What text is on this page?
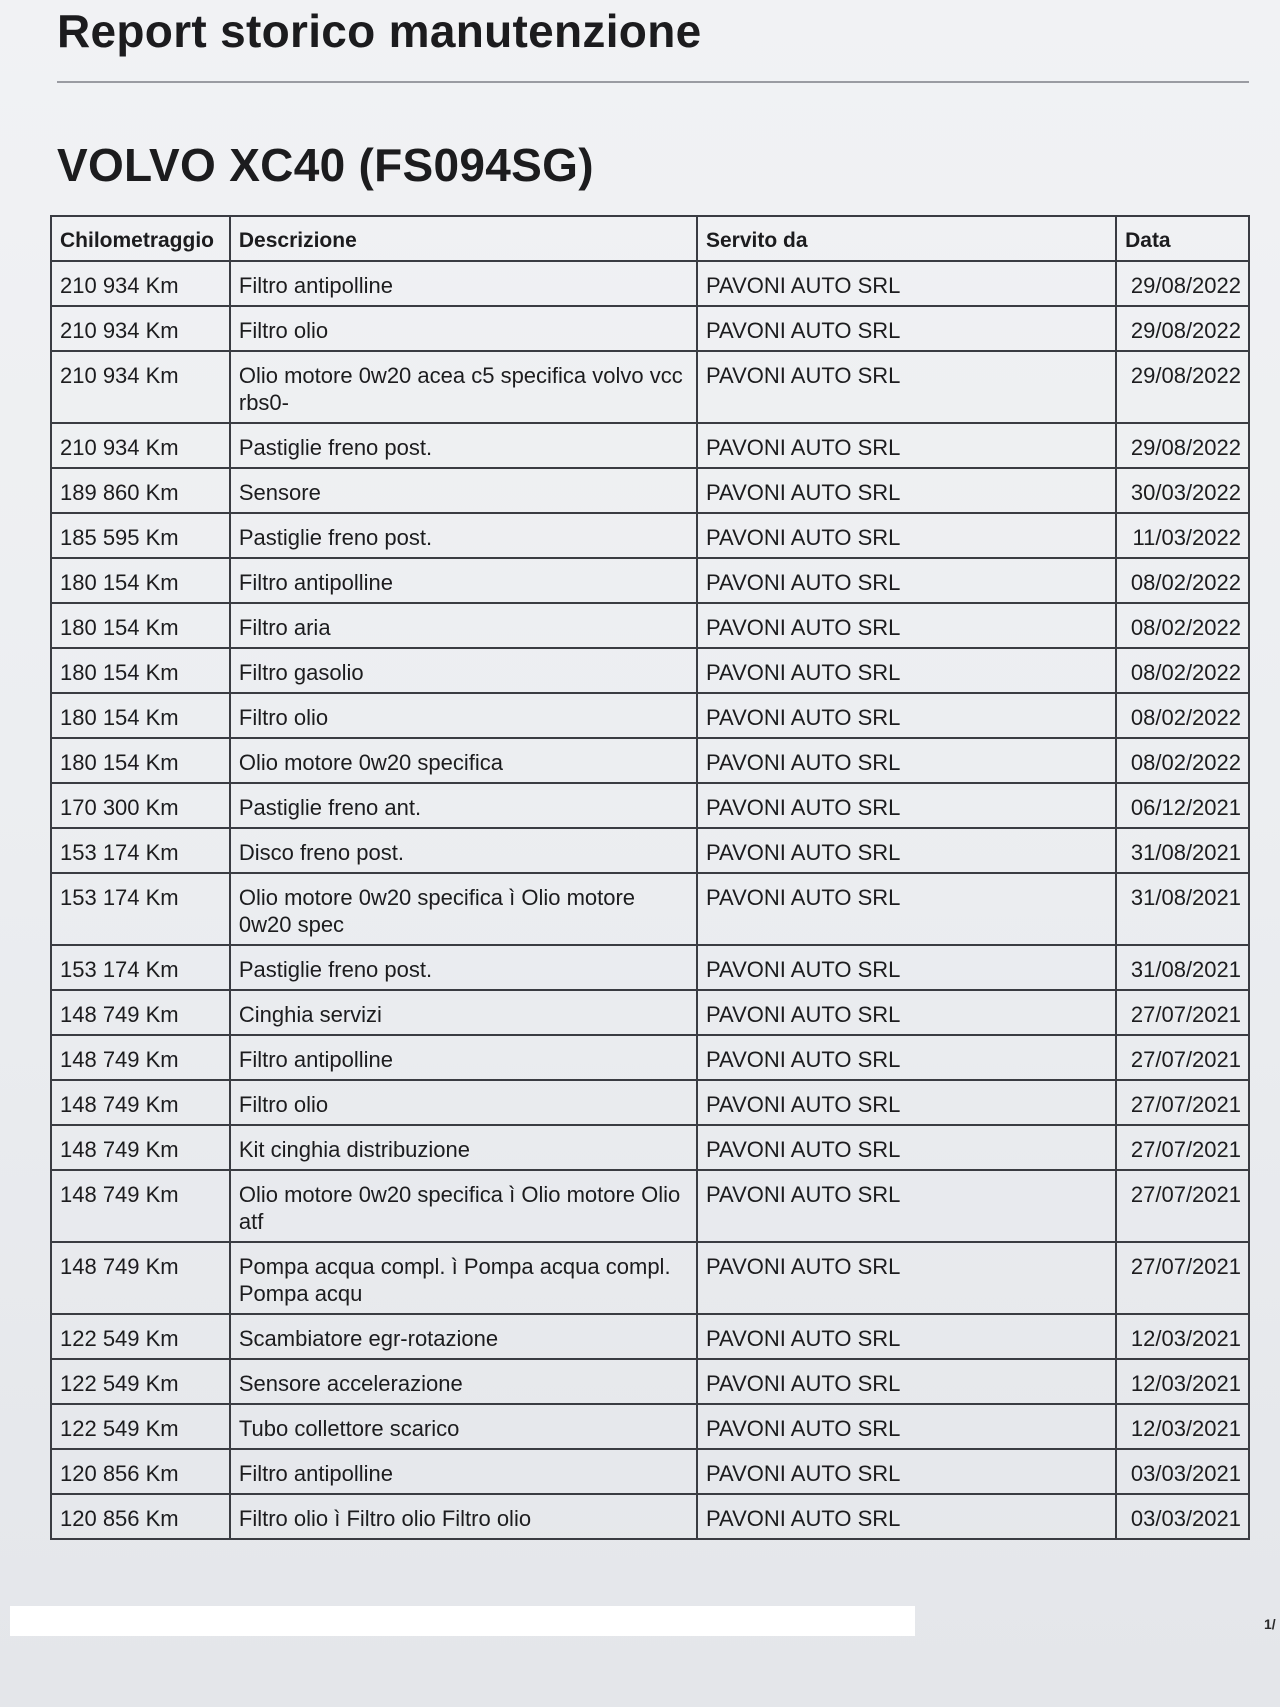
Report storico manutenzione
VOLVO XC40 (FS094SG)
Chilometraggio	Descrizione	Servito da	Data
210 934 Km	Filtro antipolline	PAVONI AUTO SRL	29/08/2022
210 934 Km	Filtro olio	PAVONI AUTO SRL	29/08/2022
210 934 Km	Olio motore 0w20 acea c5 specifica volvo vcc rbs0-	PAVONI AUTO SRL	29/08/2022
210 934 Km	Pastiglie freno post.	PAVONI AUTO SRL	29/08/2022
189 860 Km	Sensore	PAVONI AUTO SRL	30/03/2022
185 595 Km	Pastiglie freno post.	PAVONI AUTO SRL	11/03/2022
180 154 Km	Filtro antipolline	PAVONI AUTO SRL	08/02/2022
180 154 Km	Filtro aria	PAVONI AUTO SRL	08/02/2022
180 154 Km	Filtro gasolio	PAVONI AUTO SRL	08/02/2022
180 154 Km	Filtro olio	PAVONI AUTO SRL	08/02/2022
180 154 Km	Olio motore 0w20 specifica	PAVONI AUTO SRL	08/02/2022
170 300 Km	Pastiglie freno ant.	PAVONI AUTO SRL	06/12/2021
153 174 Km	Disco freno post.	PAVONI AUTO SRL	31/08/2021
153 174 Km	Olio motore 0w20 specifica ì Olio motore 0w20 spec	PAVONI AUTO SRL	31/08/2021
153 174 Km	Pastiglie freno post.	PAVONI AUTO SRL	31/08/2021
148 749 Km	Cinghia servizi	PAVONI AUTO SRL	27/07/2021
148 749 Km	Filtro antipolline	PAVONI AUTO SRL	27/07/2021
148 749 Km	Filtro olio	PAVONI AUTO SRL	27/07/2021
148 749 Km	Kit cinghia distribuzione	PAVONI AUTO SRL	27/07/2021
148 749 Km	Olio motore 0w20 specifica ì Olio motore Olio atf	PAVONI AUTO SRL	27/07/2021
148 749 Km	Pompa acqua compl. ì Pompa acqua compl. Pompa acqu	PAVONI AUTO SRL	27/07/2021
122 549 Km	Scambiatore egr-rotazione	PAVONI AUTO SRL	12/03/2021
122 549 Km	Sensore accelerazione	PAVONI AUTO SRL	12/03/2021
122 549 Km	Tubo collettore scarico	PAVONI AUTO SRL	12/03/2021
120 856 Km	Filtro antipolline	PAVONI AUTO SRL	03/03/2021
120 856 Km	Filtro olio ì Filtro olio Filtro olio	PAVONI AUTO SRL	03/03/2021
1/
